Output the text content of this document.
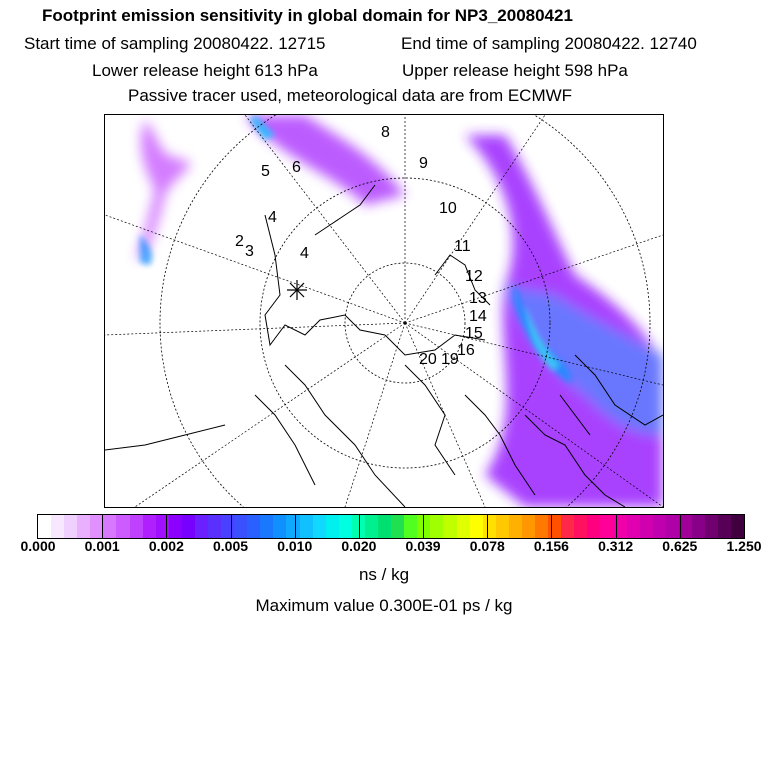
Footprint emission sensitivity in global domain for NP3_20080421
Start time of sampling 20080422. 12715	End time of sampling 20080422. 12740
Lower release height 613 hPa	Upper release height 598 hPa
Passive tracer used, meteorological data are from ECMWF
2
3
4
4
5 6
8
9
10
11
12
13
14
15
16
19
20
0.000 0.001 0.002 0.005 0.010 0.020 0.039 0.078 0.156 0.312 0.625 1.250
ns / kg
Maximum value 0.300E-01 ps / kg
